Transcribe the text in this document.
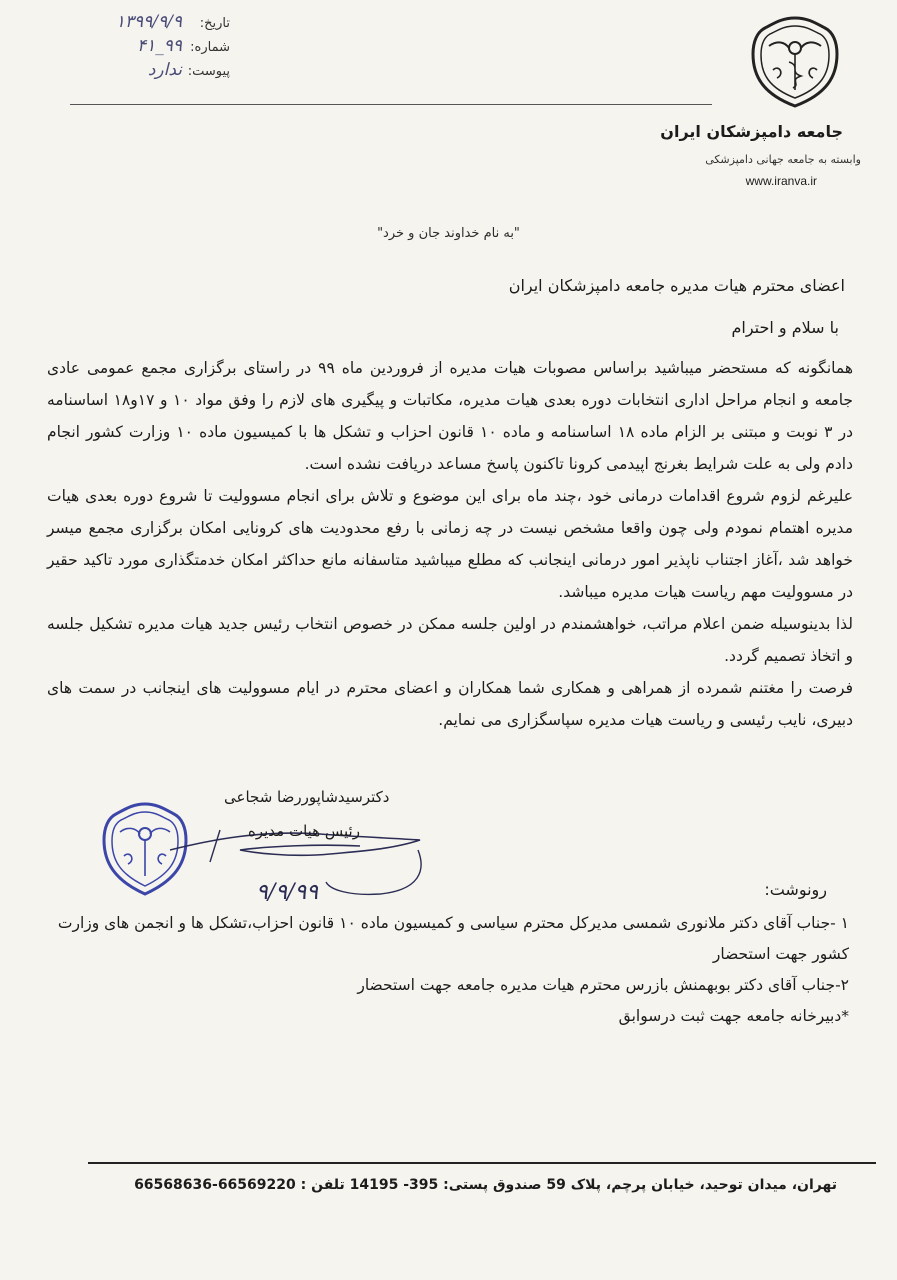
جامعه دامپزشکان ایران
وابسته به جامعه جهانی دامپزشکی
www.iranva.ir
تاریخ:
۱۳۹۹/۹/۹
شماره:
۹۹_۴۱
پیوست:
ندارد
"به نام خداوند جان و خرد"
اعضای محترم هیات مدیره جامعه دامپزشکان ایران
با سلام و احترام

همانگونه که مستحضر میباشید براساس مصوبات هیات مدیره از فروردین ماه ۹۹ در راستای برگزاری مجمع عمومی عادی جامعه و انجام مراحل اداری انتخابات دوره بعدی هیات مدیره، مکاتبات و پیگیری های لازم را وفق مواد ۱۰ و ۱۷و۱۸ اساسنامه در ۳ نوبت و مبتنی بر الزام ماده ۱۸ اساسنامه و ماده ۱۰ قانون احزاب و تشکل ها با کمیسیون ماده ۱۰ وزارت کشور انجام دادم ولی به علت شرایط بغرنج اپیدمی کرونا تاکنون پاسخ مساعد دریافت نشده است.

علیرغم لزوم شروع اقدامات درمانی خود ،چند ماه برای این موضوع و تلاش برای انجام مسوولیت تا شروع دوره بعدی هیات مدیره اهتمام نمودم ولی چون واقعا مشخص نیست در چه زمانی با رفع محدودیت های کرونایی امکان برگزاری مجمع میسر خواهد شد ،آغاز اجتناب ناپذیر امور درمانی اینجانب که مطلع میباشید متاسفانه مانع حداکثر امکان خدمتگذاری مورد تاکید حقیر در مسوولیت مهم ریاست هیات مدیره میباشد.

لذا بدینوسیله ضمن اعلام مراتب، خواهشمندم در اولین جلسه ممکن در خصوص انتخاب رئیس جدید هیات مدیره تشکیل جلسه و اتخاذ تصمیم گردد.

فرصت را مغتنم شمرده از همراهی و همکاری شما همکاران و اعضای محترم در ایام مسوولیت های اینجانب در سمت های دبیری، نایب رئیسی و ریاست هیات مدیره سپاسگزاری می نمایم.

دکترسیدشاپوررضا شجاعی
رئیس هیات مدیره
۹/۹/۹۹	رونوشت:

۱ -جناب آقای دکتر ملانوری شمسی مدیرکل محترم سیاسی و کمیسیون ماده ۱۰ قانون احزاب،تشکل ها و انجمن های وزارت کشور جهت استحضار

۲-جناب آقای دکتر بوبهمنش بازرس محترم هیات مدیره جامعه جهت استحضار

*دبیرخانه جامعه جهت ثبت درسوابق

تهران، میدان توحید، خیابان پرچم، پلاک 59 صندوق پستی: 395- 14195 تلفن : 66569220-66568636
